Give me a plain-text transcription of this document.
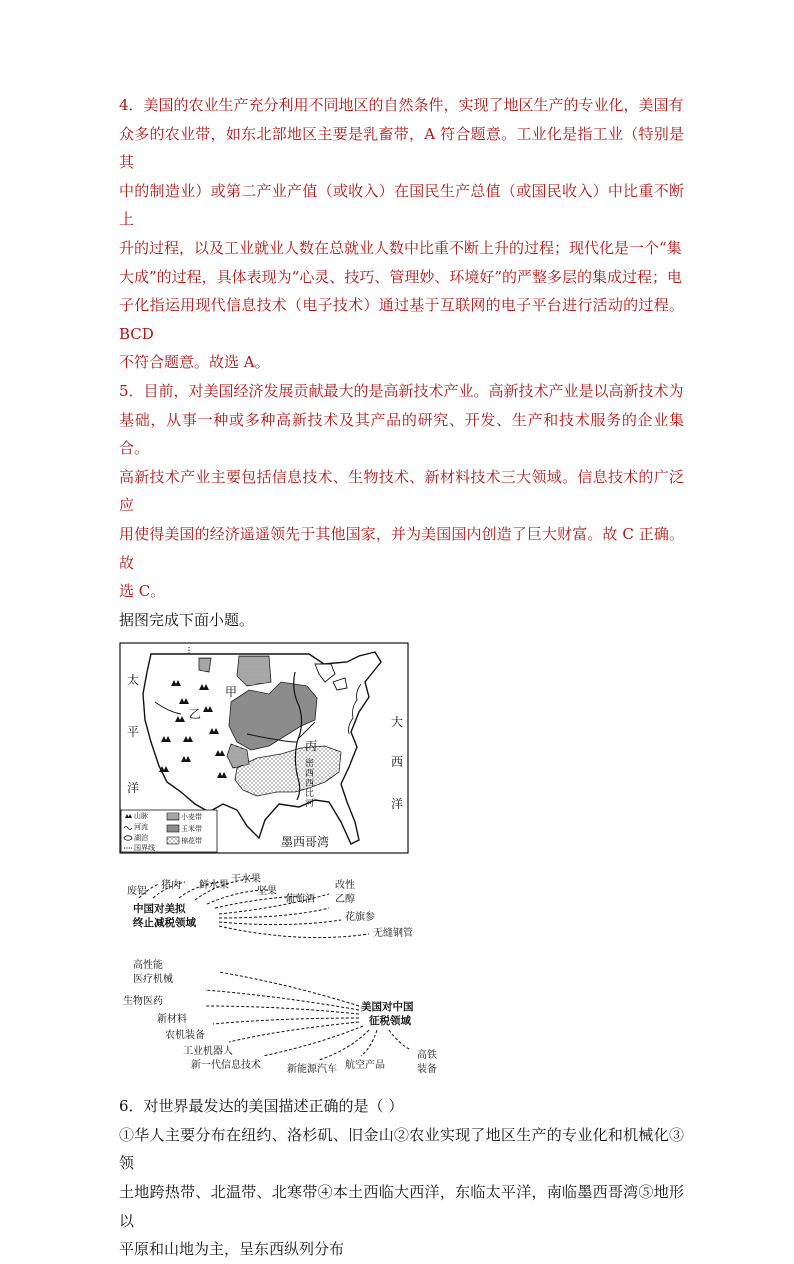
4．美国的农业生产充分利用不同地区的自然条件，实现了地区生产的专业化，美国有

众多的农业带，如东北部地区主要是乳畜带，A 符合题意。工业化是指工业（特别是其

中的制造业）或第二产业产值（或收入）在国民生产总值（或国民收入）中比重不断上

升的过程，以及工业就业人数在总就业人数中比重不断上升的过程；现代化是一个“集

大成”的过程，具体表现为“心灵、技巧、管理妙、环境好”的严整多层的集成过程；电

子化指运用现代信息技术（电子技术）通过基于互联网的电子平台进行活动的过程。BCD

不符合题意。故选 A。

5．目前，对美国经济发展贡献最大的是高新技术产业。高新技术产业是以高新技术为

基础，从事一种或多种高新技术及其产品的研究、开发、生产和技术服务的企业集合。

高新技术产业主要包括信息技术、生物技术、新材料技术三大领域。信息技术的广泛应

用使得美国的经济遥遥领先于其他国家，并为美国国内创造了巨大财富。故 C 正确。故

选 C。

据图完成下面小题。

太
平
洋
大
西
洋
甲
乙
丙
墨西哥湾
密
西
西
比
河
山脉
河流
湖泊
国界线
小麦带
玉米带
棉花带
废铝
猪肉 鲜水果
干水果
坚果
葡萄酒
改性
乙醇
花旗参
无缝钢管
中国对美拟
终止减税领域
高性能
医疗机械
生物医药
新材料
农机装备
工业机器人
新一代信息技术	新能源汽车 航空产品
高铁
装备
美国对中国
征税领域

6．对世界最发达的美国描述正确的是（ ）

①华人主要分布在纽约、洛杉矶、旧金山②农业实现了地区生产的专业化和机械化③领

土地跨热带、北温带、北寒带④本土西临大西洋，东临太平洋，南临墨西哥湾⑤地形以

平原和山地为主，呈东西纵列分布
